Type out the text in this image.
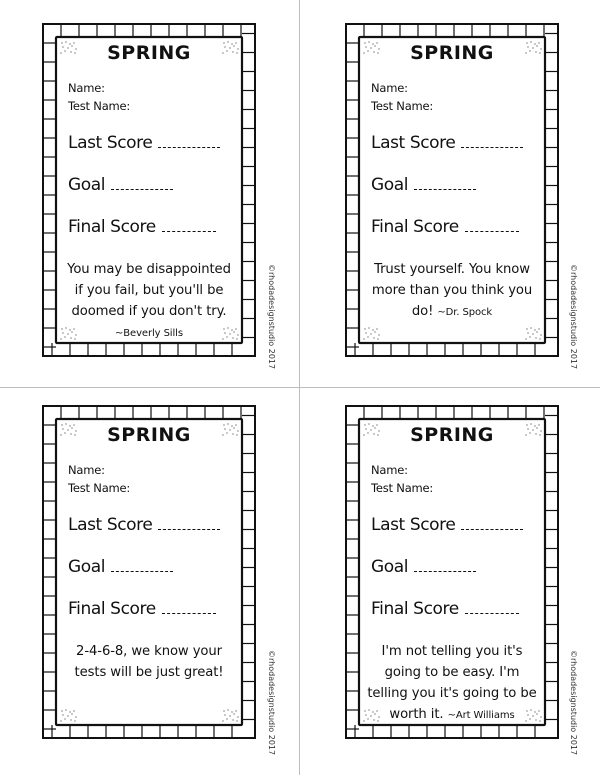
SPRING
Name:
Test Name:
Last Score
Goal
Final Score
You may be disappointed if you fail, but you'll be doomed if you don't try. ~Beverly Sills	©rhodadesignstudio 2017
SPRING
Name:
Test Name:
Last Score
Goal
Final Score
Trust yourself. You know more than you think you do! ~Dr. Spock	©rhodadesignstudio 2017
SPRING
Name:
Test Name:
Last Score
Goal
Final Score
2-4-6-8, we know your tests will be just great!	©rhodadesignstudio 2017
SPRING
Name:
Test Name:
Last Score
Goal
Final Score
I'm not telling you it's going to be easy. I'm telling you it's going to be worth it. ~Art Williams	©rhodadesignstudio 2017
